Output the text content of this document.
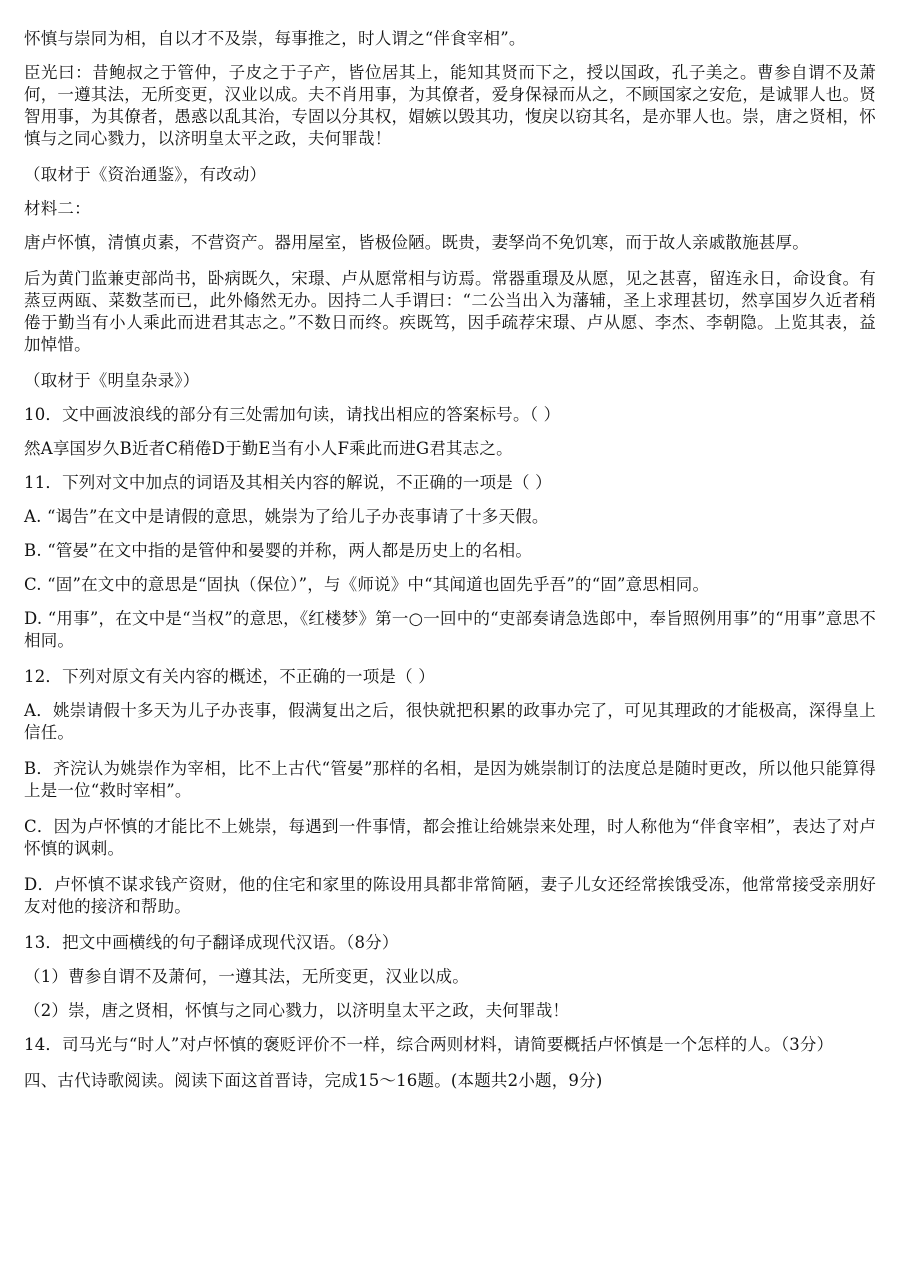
怀慎与崇同为相，自以才不及崇，每事推之，时人谓之“伴食宰相”。

臣光曰：昔鲍叔之于管仲，子皮之于子产，皆位居其上，能知其贤而下之，授以国政，孔子美之。曹参自谓不及萧何，一遵其法，无所变更，汉业以成。夫不肖用事，为其僚者，爱身保禄而从之，不顾国家之安危，是诚罪人也。贤智用事，为其僚者，愚惑以乱其治，专固以分其权，媢嫉以毁其功，愎戾以窃其名，是亦罪人也。崇，唐之贤相，怀慎与之同心戮力，以济明皇太平之政，夫何罪哉！

（取材于《资治通鉴》，有改动）

材料二：

唐卢怀慎，清慎贞素，不营资产。器用屋室，皆极俭陋。既贵，妻孥尚不免饥寒，而于故人亲戚散施甚厚。

后为黄门监兼吏部尚书，卧病既久，宋璟、卢从愿常相与访焉。常器重璟及从愿，见之甚喜，留连永日，命设食。有蒸豆两瓯、菜数茎而已，此外翛然无办。因持二人手谓曰：“二公当出入为藩辅，圣上求理甚切，然享国岁久近者稍倦于勤当有小人乘此而进君其志之。”不数日而终。疾既笃，因手疏荐宋璟、卢从愿、李杰、李朝隐。上览其表，益加悼惜。

（取材于《明皇杂录》）

10．文中画波浪线的部分有三处需加句读，请找出相应的答案标号。（ ）

然A享国岁久B近者C稍倦D于勤E当有小人F乘此而进G君其志之。

11．下列对文中加点的词语及其相关内容的解说，不正确的一项是（ ）

A. “谒告”在文中是请假的意思，姚崇为了给儿子办丧事请了十多天假。

B. “管晏”在文中指的是管仲和晏婴的并称，两人都是历史上的名相。

C. “固”在文中的意思是“固执（保位）”，与《师说》中“其闻道也固先乎吾”的“固”意思相同。

D. “用事”，在文中是“当权”的意思，《红楼梦》第一○一回中的“吏部奏请急选郎中，奉旨照例用事”的“用事”意思不相同。

12．下列对原文有关内容的概述，不正确的一项是（ ）

A．姚崇请假十多天为儿子办丧事，假满复出之后，很快就把积累的政事办完了，可见其理政的才能极高，深得皇上信任。

B．齐浣认为姚崇作为宰相，比不上古代“管晏”那样的名相，是因为姚崇制订的法度总是随时更改，所以他只能算得上是一位“救时宰相”。

C．因为卢怀慎的才能比不上姚崇，每遇到一件事情，都会推让给姚崇来处理，时人称他为“伴食宰相”，表达了对卢怀慎的讽刺。

D．卢怀慎不谋求钱产资财，他的住宅和家里的陈设用具都非常简陋，妻子儿女还经常挨饿受冻，他常常接受亲朋好友对他的接济和帮助。

13．把文中画横线的句子翻译成现代汉语。（8分）

（1）曹参自谓不及萧何，一遵其法，无所变更，汉业以成。

（2）崇，唐之贤相，怀慎与之同心戮力，以济明皇太平之政，夫何罪哉！

14．司马光与“时人”对卢怀慎的褒贬评价不一样，综合两则材料，请简要概括卢怀慎是一个怎样的人。（3分）

四、古代诗歌阅读。阅读下面这首晋诗，完成15～16题。(本题共2小题，9分)
